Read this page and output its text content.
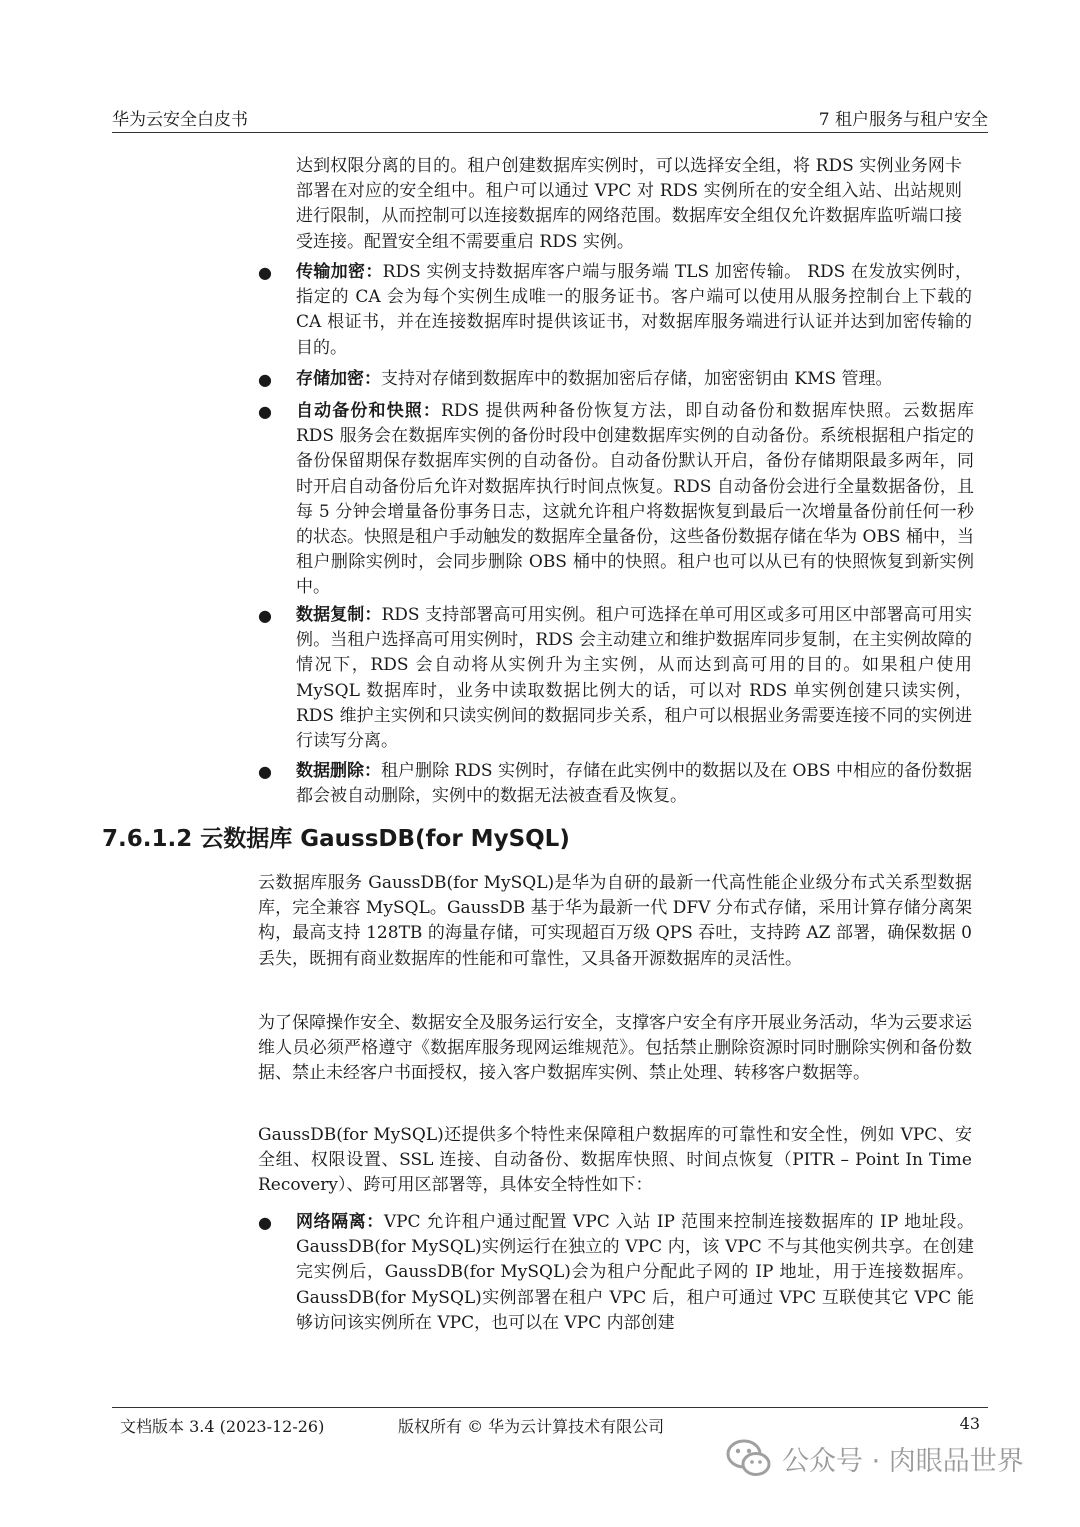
华为云安全白皮书	7 租户服务与租户安全

达到权限分离的目的。租户创建数据库实例时，可以选择安全组，将 RDS 实例业务网卡部署在对应的安全组中。租户可以通过 VPC 对 RDS 实例所在的安全组入站、出站规则进行限制，从而控制可以连接数据库的网络范围。数据库安全组仅允许数据库监听端口接受连接。配置安全组不需要重启 RDS 实例。

● 传输加密：RDS 实例支持数据库客户端与服务端 TLS 加密传输。 RDS 在发放实例时，指定的 CA 会为每个实例生成唯一的服务证书。客户端可以使用从服务控制台上下载的 CA 根证书，并在连接数据库时提供该证书，对数据库服务端进行认证并达到加密传输的目的。

● 存储加密：支持对存储到数据库中的数据加密后存储，加密密钥由 KMS 管理。

● 自动备份和快照：RDS 提供两种备份恢复方法，即自动备份和数据库快照。云数据库 RDS 服务会在数据库实例的备份时段中创建数据库实例的自动备份。系统根据租户指定的备份保留期保存数据库实例的自动备份。自动备份默认开启，备份存储期限最多两年，同时开启自动备份后允许对数据库执行时间点恢复。RDS 自动备份会进行全量数据备份，且每 5 分钟会增量备份事务日志，这就允许租户将数据恢复到最后一次增量备份前任何一秒的状态。快照是租户手动触发的数据库全量备份，这些备份数据存储在华为 OBS 桶中，当租户删除实例时，会同步删除 OBS 桶中的快照。租户也可以从已有的快照恢复到新实例中。

● 数据复制：RDS 支持部署高可用实例。租户可选择在单可用区或多可用区中部署高可用实例。当租户选择高可用实例时，RDS 会主动建立和维护数据库同步复制，在主实例故障的情况下，RDS 会自动将从实例升为主实例，从而达到高可用的目的。如果租户使用 MySQL 数据库时，业务中读取数据比例大的话，可以对 RDS 单实例创建只读实例，RDS 维护主实例和只读实例间的数据同步关系，租户可以根据业务需要连接不同的实例进行读写分离。

● 数据删除：租户删除 RDS 实例时，存储在此实例中的数据以及在 OBS 中相应的备份数据都会被自动删除，实例中的数据无法被查看及恢复。

7.6.1.2 云数据库 GaussDB(for MySQL)

云数据库服务 GaussDB(for MySQL)是华为自研的最新一代高性能企业级分布式关系型数据库，完全兼容 MySQL。GaussDB 基于华为最新一代 DFV 分布式存储，采用计算存储分离架构，最高支持 128TB 的海量存储，可实现超百万级 QPS 吞吐，支持跨 AZ 部署，确保数据 0 丢失，既拥有商业数据库的性能和可靠性，又具备开源数据库的灵活性。

为了保障操作安全、数据安全及服务运行安全，支撑客户安全有序开展业务活动，华为云要求运维人员必须严格遵守《数据库服务现网运维规范》。包括禁止删除资源时同时删除实例和备份数据、禁止未经客户书面授权，接入客户数据库实例、禁止处理、转移客户数据等。

GaussDB(for MySQL)还提供多个特性来保障租户数据库的可靠性和安全性，例如 VPC、安全组、权限设置、SSL 连接、自动备份、数据库快照、时间点恢复（PITR – Point In Time Recovery）、跨可用区部署等，具体安全特性如下：

● 网络隔离：VPC 允许租户通过配置 VPC 入站 IP 范围来控制连接数据库的 IP 地址段。GaussDB(for MySQL)实例运行在独立的 VPC 内，该 VPC 不与其他实例共享。在创建完实例后，GaussDB(for MySQL)会为租户分配此子网的 IP 地址，用于连接数据库。GaussDB(for MySQL)实例部署在租户 VPC 后，租户可通过 VPC 互联使其它 VPC 能够访问该实例所在 VPC，也可以在 VPC 内部创建

文档版本 3.4 (2023-12-26)	版权所有 © 华为云计算技术有限公司	43
公众号 · 肉眼品世界
